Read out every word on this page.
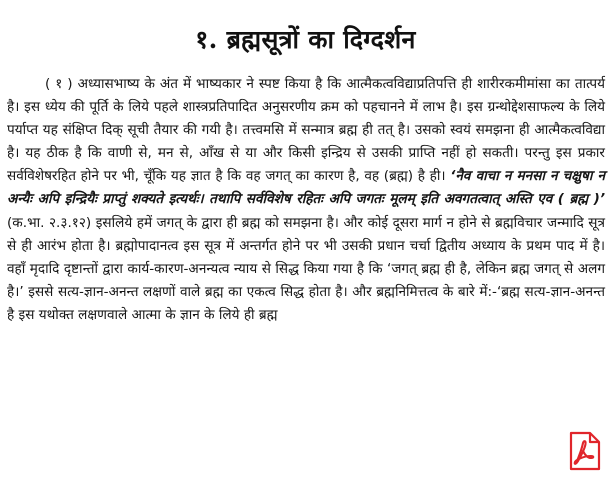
१. ब्रह्मसूत्रों का दिग्दर्शन
( १ ) अध्यासभाष्य के अंत में भाष्यकार ने स्पष्ट किया है कि आत्मैकत्वविद्याप्रतिपत्ति ही शारीरकमीमांसा का तात्पर्य है। इस ध्येय की पूर्ति के लिये पहले शास्त्रप्रतिपादित अनुसरणीय क्रम को पहचानने में लाभ है। इस ग्रन्थोद्देशसाफल्य के लिये पर्याप्त यह संक्षिप्त दिक् सूची तैयार की गयी है। तत्त्वमसि में सन्मात्र ब्रह्म ही तत् है। उसको स्वयं समझना ही आत्मैकत्वविद्या है। यह ठीक है कि वाणी से, मन से, आँख से या और किसी इन्द्रिय से उसकी प्राप्ति नहीं हो सकती। परन्तु इस प्रकार सर्वविशेषरहित होने पर भी, चूँकि यह ज्ञात है कि वह जगत् का कारण है, वह (ब्रह्म) है ही। ‘नैव वाचा न मनसा न चक्षुषा न अन्यैः अपि इन्द्रियैः प्राप्तुं शक्यते इत्यर्थः। तथापि सर्वविशेष रहितः अपि जगतः मूलम् इति अवगतत्वात् अस्ति एव ( ब्रह्म )’ (क.भा. २.३.१२) इसलिये हमें जगत् के द्वारा ही ब्रह्म को समझना है। और कोई दूसरा मार्ग न होने से ब्रह्मविचार जन्मादि सूत्र से ही आरंभ होता है। ब्रह्मोपादानत्व इस सूत्र में अन्तर्गत होने पर भी उसकी प्रधान चर्चा द्वितीय अध्याय के प्रथम पाद में है। वहाँ मृदादि दृष्टान्तों द्वारा कार्य-कारण-अनन्यत्व न्याय से सिद्ध किया गया है कि ‘जगत् ब्रह्म ही है, लेकिन ब्रह्म जगत् से अलग है।’ इससे सत्य-ज्ञान-अनन्त लक्षणों वाले ब्रह्म का एकत्व सिद्ध होता है। और ब्रह्मनिमित्तत्व के बारे में:-‘ब्रह्म सत्य-ज्ञान-अनन्त है इस यथोक्त लक्षणवाले आत्मा के ज्ञान के लिये ही ब्रह्म
